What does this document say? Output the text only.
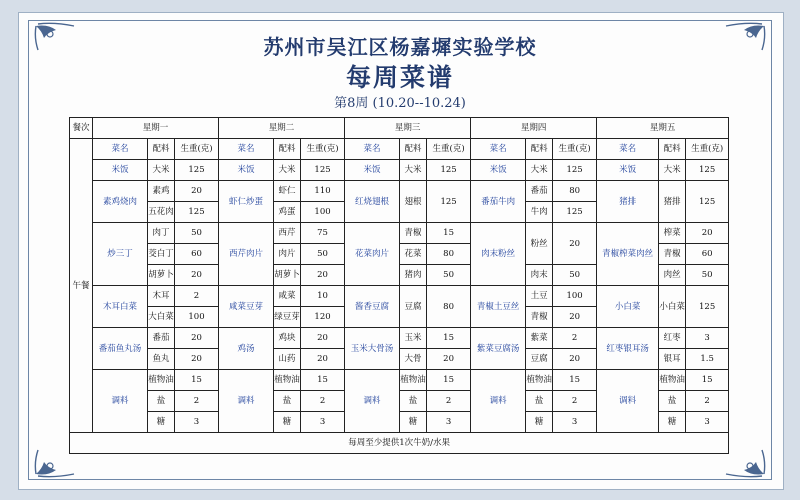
苏州市吴江区杨嘉墀实验学校
每周菜谱
第8周 (10.20--10.24)
餐次	星期一			星期二			星期三			星期四			星期五		
午餐	菜名	配料	生重(克)	菜名	配料	生重(克)	菜名	配料	生重(克)	菜名	配料	生重(克)	菜名	配料	生重(克)
	米饭	大米	125	米饭	大米	125	米饭	大米	125	米饭	大米	125	米饭	大米	125
	素鸡烧肉	素鸡	20	虾仁炒蛋	虾仁	110	红烧翅根	翅根	125	番茄牛肉	番茄	80	猪排	猪排	125
		五花肉	125		鸡蛋	100					牛肉	125			
	炒三丁	肉丁	50	西芹肉片	西芹	75	花菜肉片	青椒	15	肉末粉丝	粉丝	20	青椒榨菜肉丝	榨菜	20
		茭白丁	60		肉片	50		花菜	80					青椒	60
		胡萝卜	20		胡萝卜	20		猪肉	50		肉末	50		肉丝	50
	木耳白菜	木耳	2	咸菜豆芽	咸菜	10	酱香豆腐	豆腐	80	青椒土豆丝	土豆	100	小白菜	小白菜	125
		大白菜	100		绿豆芽	120					青椒	20			
	番茄鱼丸汤	番茄	20	鸡汤	鸡块	20	玉米大骨汤	玉米	15	紫菜豆腐汤	紫菜	2	红枣银耳汤	红枣	3
		鱼丸	20		山药	20		大骨	20		豆腐	20		银耳	1.5
	调料	植物油	15	调料	植物油	15	调料	植物油	15	调料	植物油	15	调料	植物油	15
		盐	2		盐	2		盐	2		盐	2		盐	2
		糖	3		糖	3		糖	3		糖	3		糖	3
每周至少提供1次牛奶/水果															
